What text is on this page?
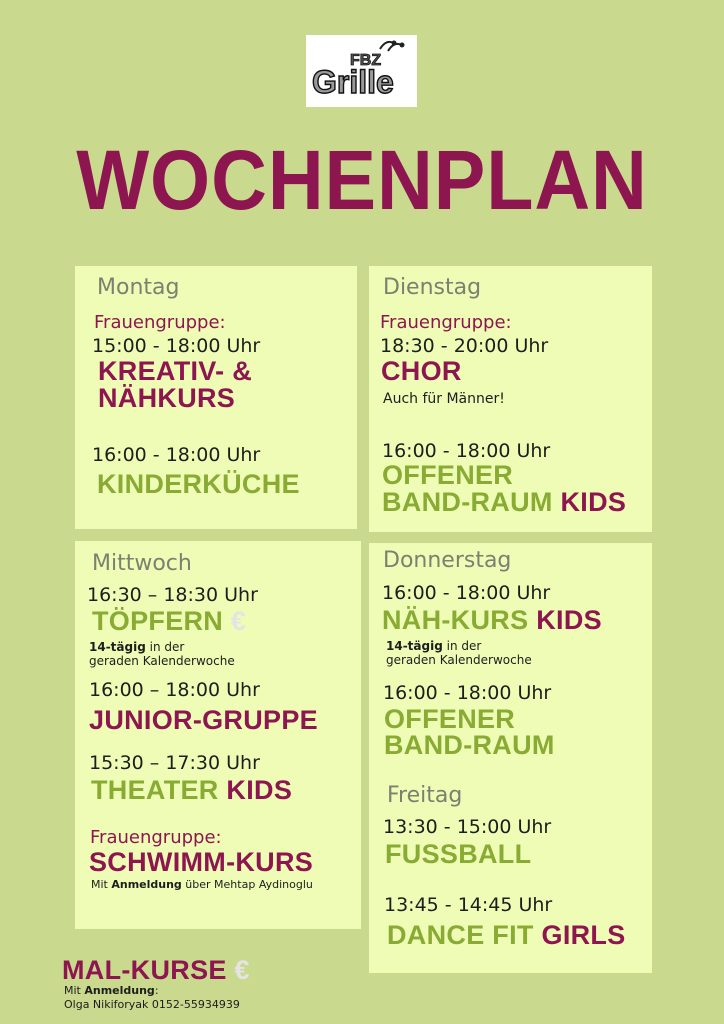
FBZ
Grille
WOCHENPLAN
Montag
Frauengruppe:
15:00 - 18:00 Uhr
KREATIV- &
NÄHKURS
16:00 - 18:00 Uhr
KINDERKÜCHE
Dienstag
Frauengruppe:
18:30 - 20:00 Uhr
CHOR
Auch für Männer!
16:00 - 18:00 Uhr
OFFENER
BAND-RAUM KIDS
Mittwoch
16:30 – 18:30 Uhr
TÖPFERN €
14-tägig in der
geraden Kalenderwoche
16:00 – 18:00 Uhr
JUNIOR-GRUPPE
15:30 – 17:30 Uhr
THEATER KIDS
Frauengruppe:
SCHWIMM-KURS
Mit Anmeldung über Mehtap Aydinoglu
Donnerstag
16:00 - 18:00 Uhr
NÄH-KURS KIDS
14-tägig in der
geraden Kalenderwoche
16:00 - 18:00 Uhr
OFFENER
BAND-RAUM
Freitag
13:30 - 15:00 Uhr
FUSSBALL
13:45 - 14:45 Uhr
DANCE FIT GIRLS
MAL-KURSE €
Mit Anmeldung:
Olga Nikiforyak 0152-55934939
